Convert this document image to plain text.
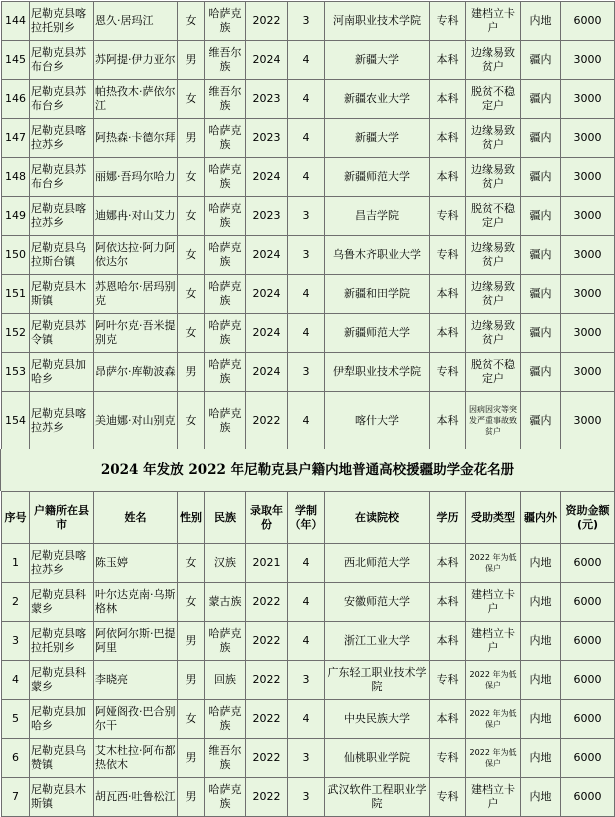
144	尼勒克县喀拉托别乡	恩久·居玛江	女	哈萨克族	2022	3	河南职业技术学院	专科	建档立卡户	内地	6000
145	尼勒克县苏布台乡	苏阿提·伊力亚尔	男	维吾尔族	2024	4	新疆大学	本科	边缘易致贫户	疆内	3000
146	尼勒克县苏布台乡	帕热孜木·萨依尔江	女	维吾尔族	2023	4	新疆农业大学	本科	脱贫不稳定户	疆内	3000
147	尼勒克县喀拉苏乡	阿热森·卡德尔拜	男	哈萨克族	2023	4	新疆大学	本科	边缘易致贫户	疆内	3000
148	尼勒克县苏布台乡	丽娜·吾玛尔哈力	女	哈萨克族	2024	4	新疆师范大学	本科	边缘易致贫户	疆内	3000
149	尼勒克县喀拉苏乡	迪娜冉·对山艾力	女	哈萨克族	2023	3	昌吉学院	专科	脱贫不稳定户	疆内	3000
150	尼勒克县乌拉斯台镇	阿依达拉·阿力阿依达尔	女	哈萨克族	2024	3	乌鲁木齐职业大学	专科	边缘易致贫户	疆内	3000
151	尼勒克县木斯镇	苏恩哈尔·居玛别克	女	哈萨克族	2024	4	新疆和田学院	本科	边缘易致贫户	疆内	3000
152	尼勒克县苏令镇	阿叶尔克·吾米提别克	女	哈萨克族	2024	4	新疆师范大学	本科	边缘易致贫户	疆内	3000
153	尼勒克县加哈乡	昂萨尔·库勒波森	男	哈萨克族	2024	3	伊犁职业技术学院	专科	脱贫不稳定户	疆内	3000
154	尼勒克县喀拉苏乡	美迪娜·对山别克	女	哈萨克族	2022	4	喀什大学	本科	因病因灾等突发严重事故致贫户	疆内	3000
2024 年发放 2022 年尼勒克县户籍内地普通高校援疆助学金花名册
序号	户籍所在县市	姓名	性别	民族	录取年份	学制（年）	在读院校	学历	受助类型	疆内外	资助金额(元)
1	尼勒克县喀拉苏乡	陈玉婷	女	汉族	2021	4	西北师范大学	本科	2022 年为低保户	内地	6000
2	尼勒克县科蒙乡	叶尔达克南·乌斯格林	女	蒙古族	2022	4	安徽师范大学	本科	建档立卡户	内地	6000
3	尼勒克县喀拉托别乡	阿依阿尔斯·巴提阿里	男	哈萨克族	2022	4	浙江工业大学	本科	建档立卡户	内地	6000
4	尼勒克县科蒙乡	李晓亮	男	回族	2022	3	广东轻工职业技术学院	专科	2022 年为低保户	内地	6000
5	尼勒克县加哈乡	阿娅阁孜·巴合别尔干	女	哈萨克族	2022	4	中央民族大学	本科	2022 年为低保户	内地	6000
6	尼勒克县乌赞镇	艾木杜拉·阿布都热依木	男	维吾尔族	2022	3	仙桃职业学院	专科	2022 年为低保户	内地	6000
7	尼勒克县木斯镇	胡瓦西·吐鲁松江	男	哈萨克族	2022	3	武汉软件工程职业学院	专科	建档立卡户	内地	6000
